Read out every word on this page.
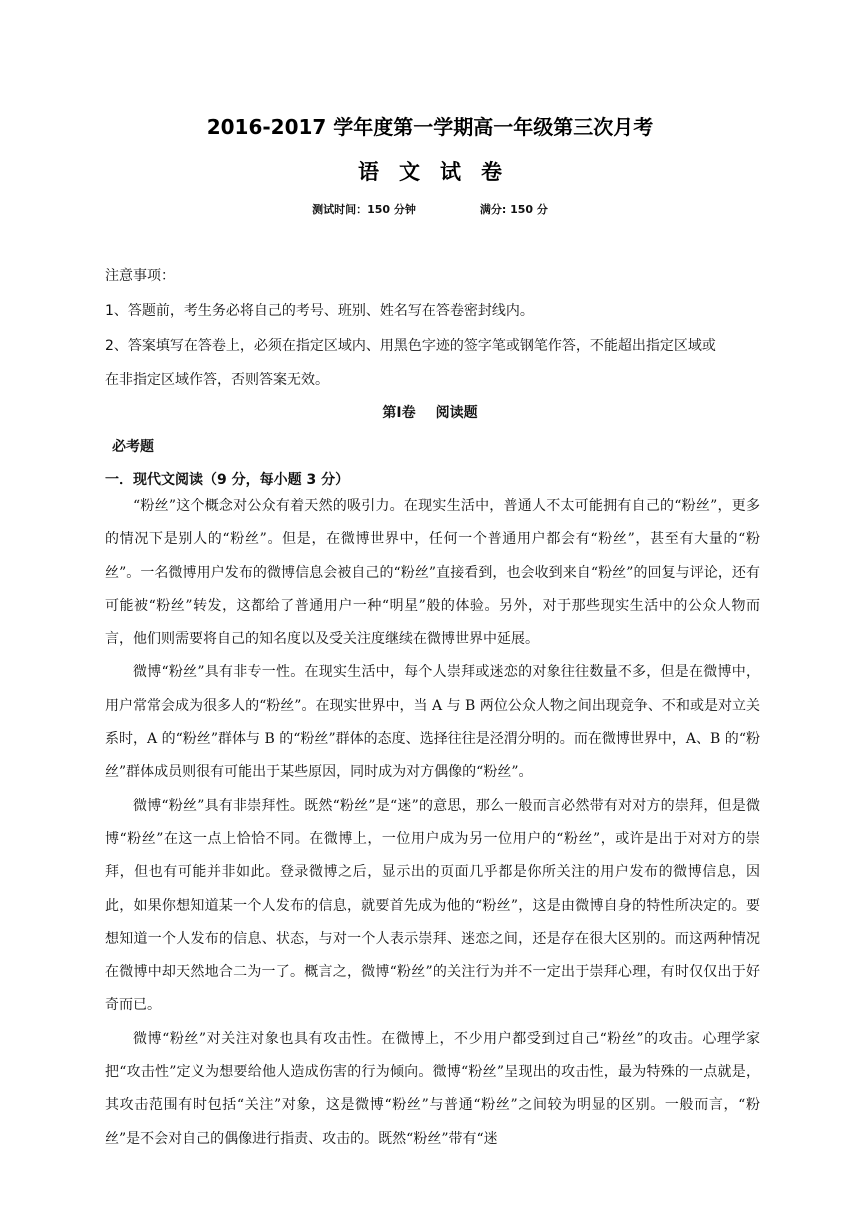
2016-2017 学年度第一学期高一年级第三次月考
语文试卷
测试时间：150 分钟	满分: 150 分
注意事项：
1、答题前，考生务必将自己的考号、班别、姓名写在答卷密封线内。
2、答案填写在答卷上，必须在指定区域内、用黑色字迹的签字笔或钢笔作答，不能超出指定区域或
在非指定区域作答，否则答案无效。
第Ⅰ卷 阅读题
必考题
一．现代文阅读（9 分，每小题 3 分）

“粉丝”这个概念对公众有着天然的吸引力。在现实生活中，普通人不太可能拥有自己的“粉丝”，更多的情况下是别人的“粉丝”。但是，在微博世界中，任何一个普通用户都会有“粉丝”，甚至有大量的“粉丝”。一名微博用户发布的微博信息会被自己的“粉丝”直接看到，也会收到来自“粉丝”的回复与评论，还有可能被“粉丝”转发，这都给了普通用户一种“明星”般的体验。另外，对于那些现实生活中的公众人物而言，他们则需要将自己的知名度以及受关注度继续在微博世界中延展。

微博“粉丝”具有非专一性。在现实生活中，每个人崇拜或迷恋的对象往往数量不多，但是在微博中，用户常常会成为很多人的“粉丝”。在现实世界中，当 A 与 B 两位公众人物之间出现竞争、不和或是对立关系时，A 的“粉丝”群体与 B 的“粉丝”群体的态度、选择往往是泾渭分明的。而在微博世界中，A、B 的“粉丝”群体成员则很有可能出于某些原因，同时成为对方偶像的“粉丝”。

微博“粉丝”具有非崇拜性。既然“粉丝”是“迷”的意思，那么一般而言必然带有对对方的崇拜，但是微博“粉丝”在这一点上恰恰不同。在微博上，一位用户成为另一位用户的“粉丝”，或许是出于对对方的崇拜，但也有可能并非如此。登录微博之后，显示出的页面几乎都是你所关注的用户发布的微博信息，因此，如果你想知道某一个人发布的信息，就要首先成为他的“粉丝”，这是由微博自身的特性所决定的。要想知道一个人发布的信息、状态，与对一个人表示崇拜、迷恋之间，还是存在很大区别的。而这两种情况在微博中却天然地合二为一了。概言之，微博“粉丝”的关注行为并不一定出于崇拜心理，有时仅仅出于好奇而已。

微博“粉丝”对关注对象也具有攻击性。在微博上，不少用户都受到过自己“粉丝”的攻击。心理学家把“攻击性”定义为想要给他人造成伤害的行为倾向。微博“粉丝”呈现出的攻击性，最为特殊的一点就是，其攻击范围有时包括“关注”对象，这是微博“粉丝”与普通“粉丝”之间较为明显的区别。一般而言，“粉丝”是不会对自己的偶像进行指责、攻击的。既然“粉丝”带有“迷
